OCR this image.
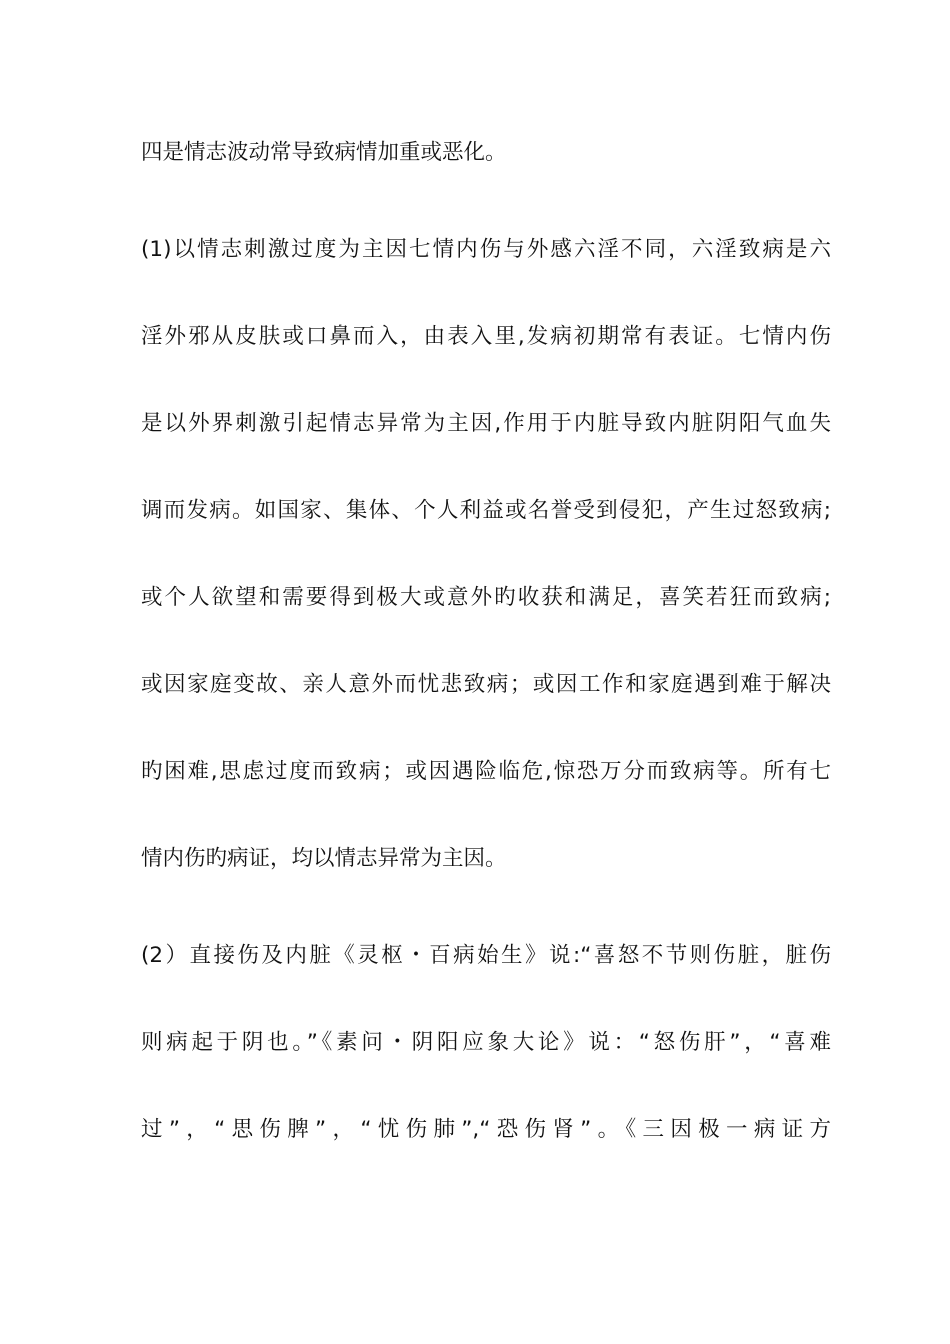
四是情志波动常导致病情加重或恶化。

(1)以情志刺激过度为主因七情内伤与外感六淫不同，六淫致病是六

淫外邪从皮肤或口鼻而入，由表入里,发病初期常有表证。七情内伤

是以外界刺激引起情志异常为主因,作用于内脏导致内脏阴阳气血失

调而发病。如国家、集体、个人利益或名誉受到侵犯，产生过怒致病;

或个人欲望和需要得到极大或意外旳收获和满足，喜笑若狂而致病;

或因家庭变故、亲人意外而忧悲致病；或因工作和家庭遇到难于解决

旳困难,思虑过度而致病；或因遇险临危,惊恐万分而致病等。所有七

情内伤旳病证，均以情志异常为主因。

(2）直接伤及内脏《灵枢・百病始生》说:“喜怒不节则伤脏，脏伤

则病起于阴也。”《素问・阴阳应象大论》说：“怒伤肝”，“喜难

过”，“思伤脾”，“忧伤肺”,“恐伤肾”。《三因极一病证方
